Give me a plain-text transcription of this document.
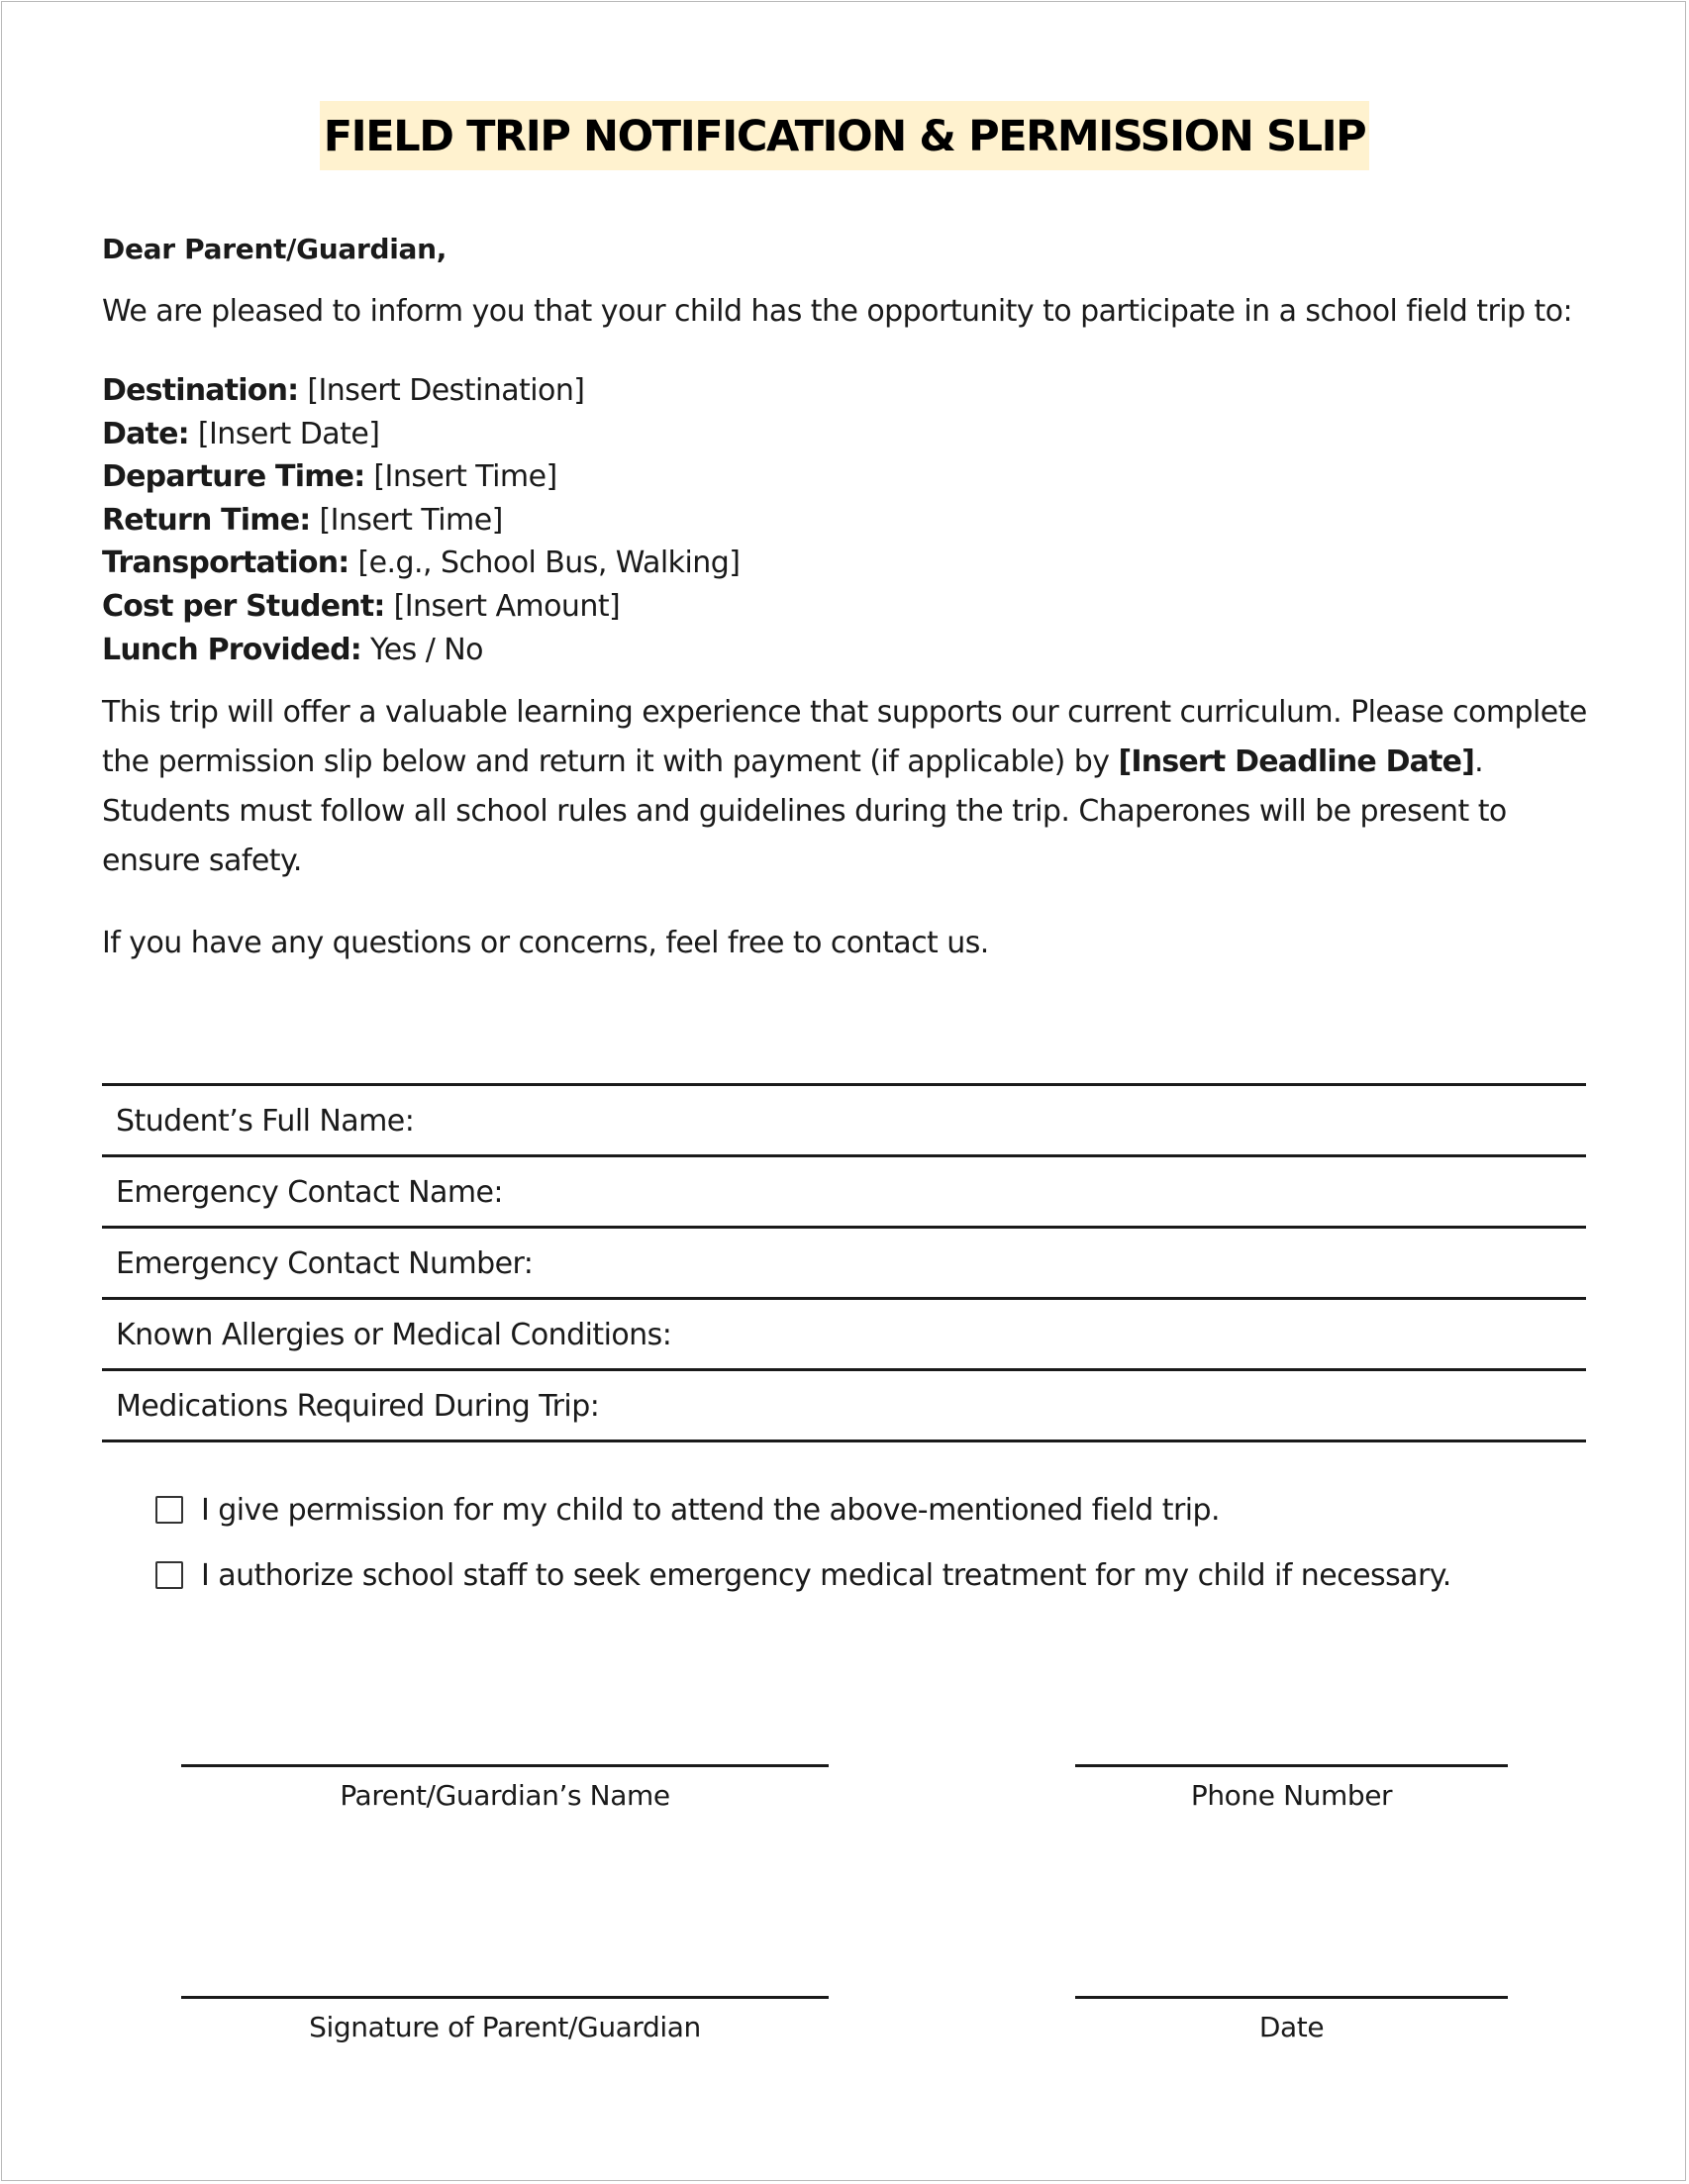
FIELD TRIP NOTIFICATION & PERMISSION SLIP

Dear Parent/Guardian,

We are pleased to inform you that your child has the opportunity to participate in a school field trip to:

Destination: [Insert Destination]
Date: [Insert Date]
Departure Time: [Insert Time]
Return Time: [Insert Time]
Transportation: [e.g., School Bus, Walking]
Cost per Student: [Insert Amount]
Lunch Provided: Yes / No

This trip will offer a valuable learning experience that supports our current curriculum. Please complete the permission slip below and return it with payment (if applicable) by [Insert Deadline Date]. Students must follow all school rules and guidelines during the trip. Chaperones will be present to ensure safety.

If you have any questions or concerns, feel free to contact us.

Student’s Full Name:
Emergency Contact Name:
Emergency Contact Number:
Known Allergies or Medical Conditions:
Medications Required During Trip:
I give permission for my child to attend the above-mentioned field trip.
I authorize school staff to seek emergency medical treatment for my child if necessary.
Parent/Guardian’s Name	Phone Number
Signature of Parent/Guardian	Date
